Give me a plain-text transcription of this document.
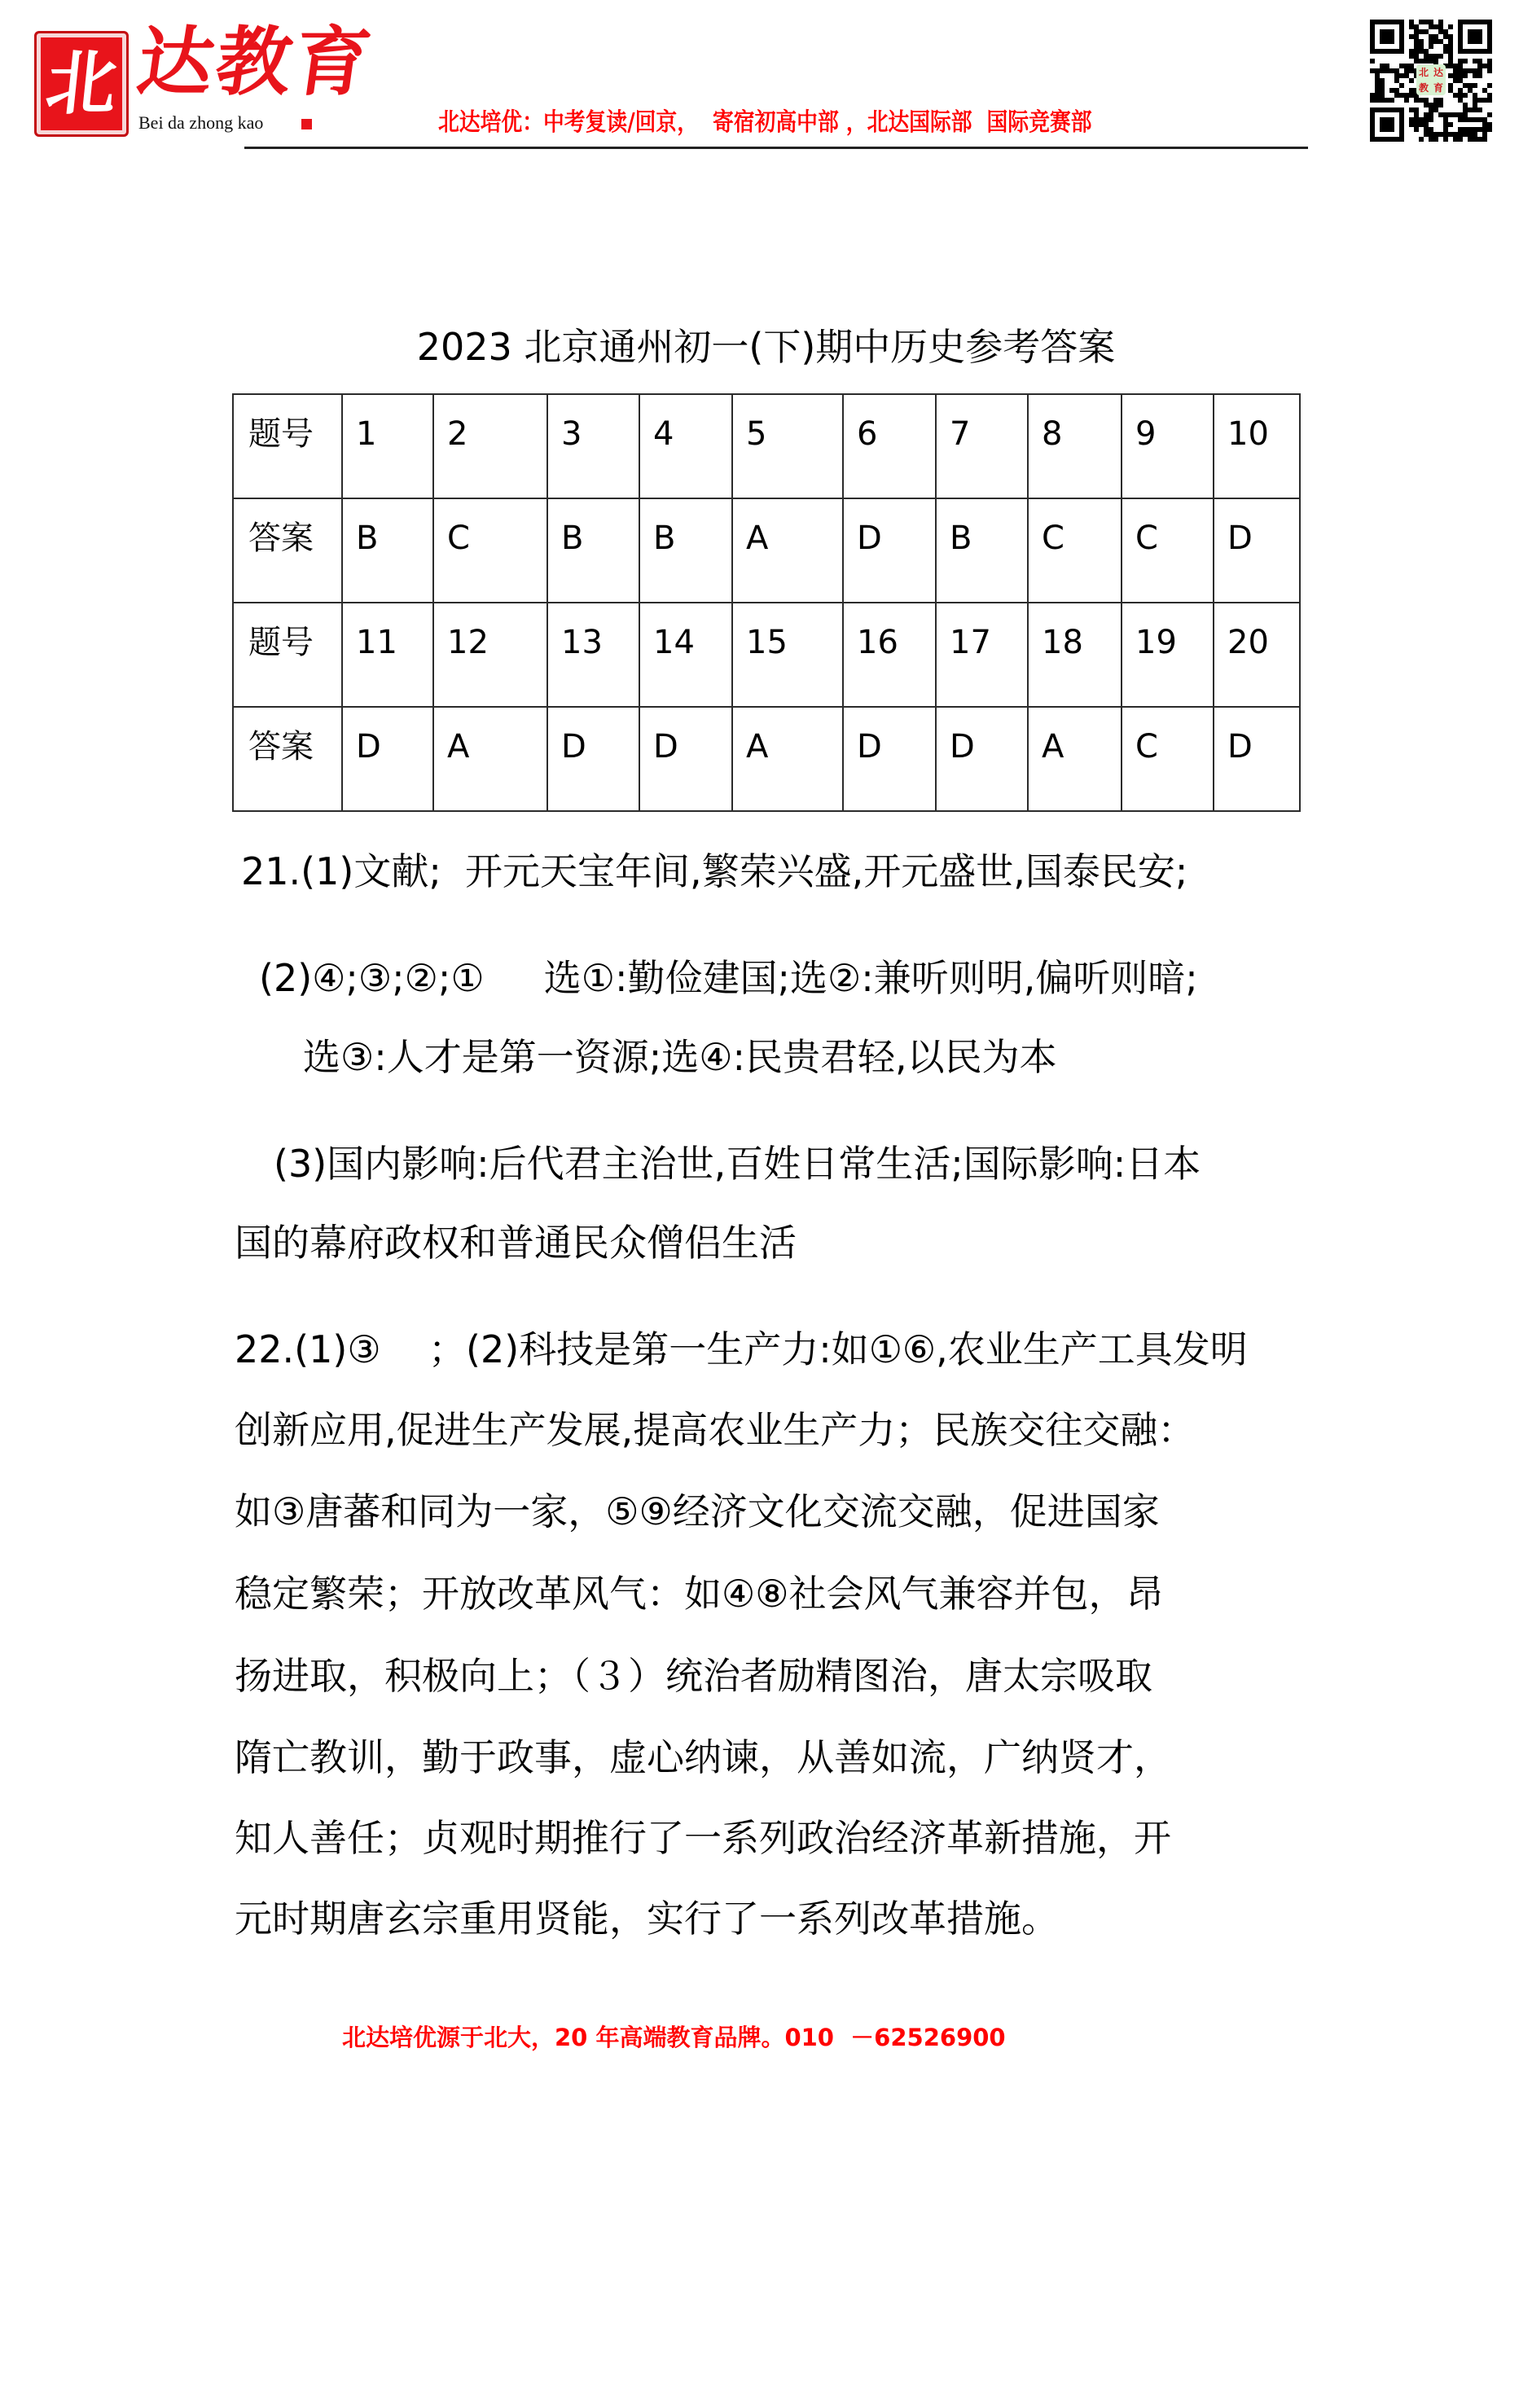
北 达教育
Bei da zhong kao	北达培优：中考复读/回京，  寄宿初高中部 ，北达国际部  国际竞赛部
北 达
教 育
2023 北京通州初一(下)期中历史参考答案
题号	1	2	3	4	5	6	7	8	9	10
答案	B	C	B	B	A	D	B	C	C	D
题号	11	12	13	14	15	16	17	18	19	20
答案	D	A	D	D	A	D	D	A	C	D
21.(1)文献;  开元天宝年间,繁荣兴盛,开元盛世,国泰民安;
(2)④;③;②;①     选①:勤俭建国;选②:兼听则明,偏听则暗;
选③:人才是第一资源;选④:民贵君轻,以民为本
(3)国内影响:后代君主治世,百姓日常生活;国际影响:日本
国的幕府政权和普通民众僧侣生活
22.(1)③    ；(2)科技是第一生产力:如①⑥,农业生产工具发明
创新应用,促进生产发展,提高农业生产力；民族交往交融：
如③唐蕃和同为一家，⑤⑨经济文化交流交融，促进国家
稳定繁荣；开放改革风气：如④⑧社会风气兼容并包，昂
扬进取，积极向上；（３）统治者励精图治，唐太宗吸取
隋亡教训，勤于政事，虚心纳谏，从善如流，广纳贤才，
知人善任；贞观时期推行了一系列政治经济革新措施，开
元时期唐玄宗重用贤能，实行了一系列改革措施。
北达培优源于北大，20 年高端教育品牌。010  －62526900
